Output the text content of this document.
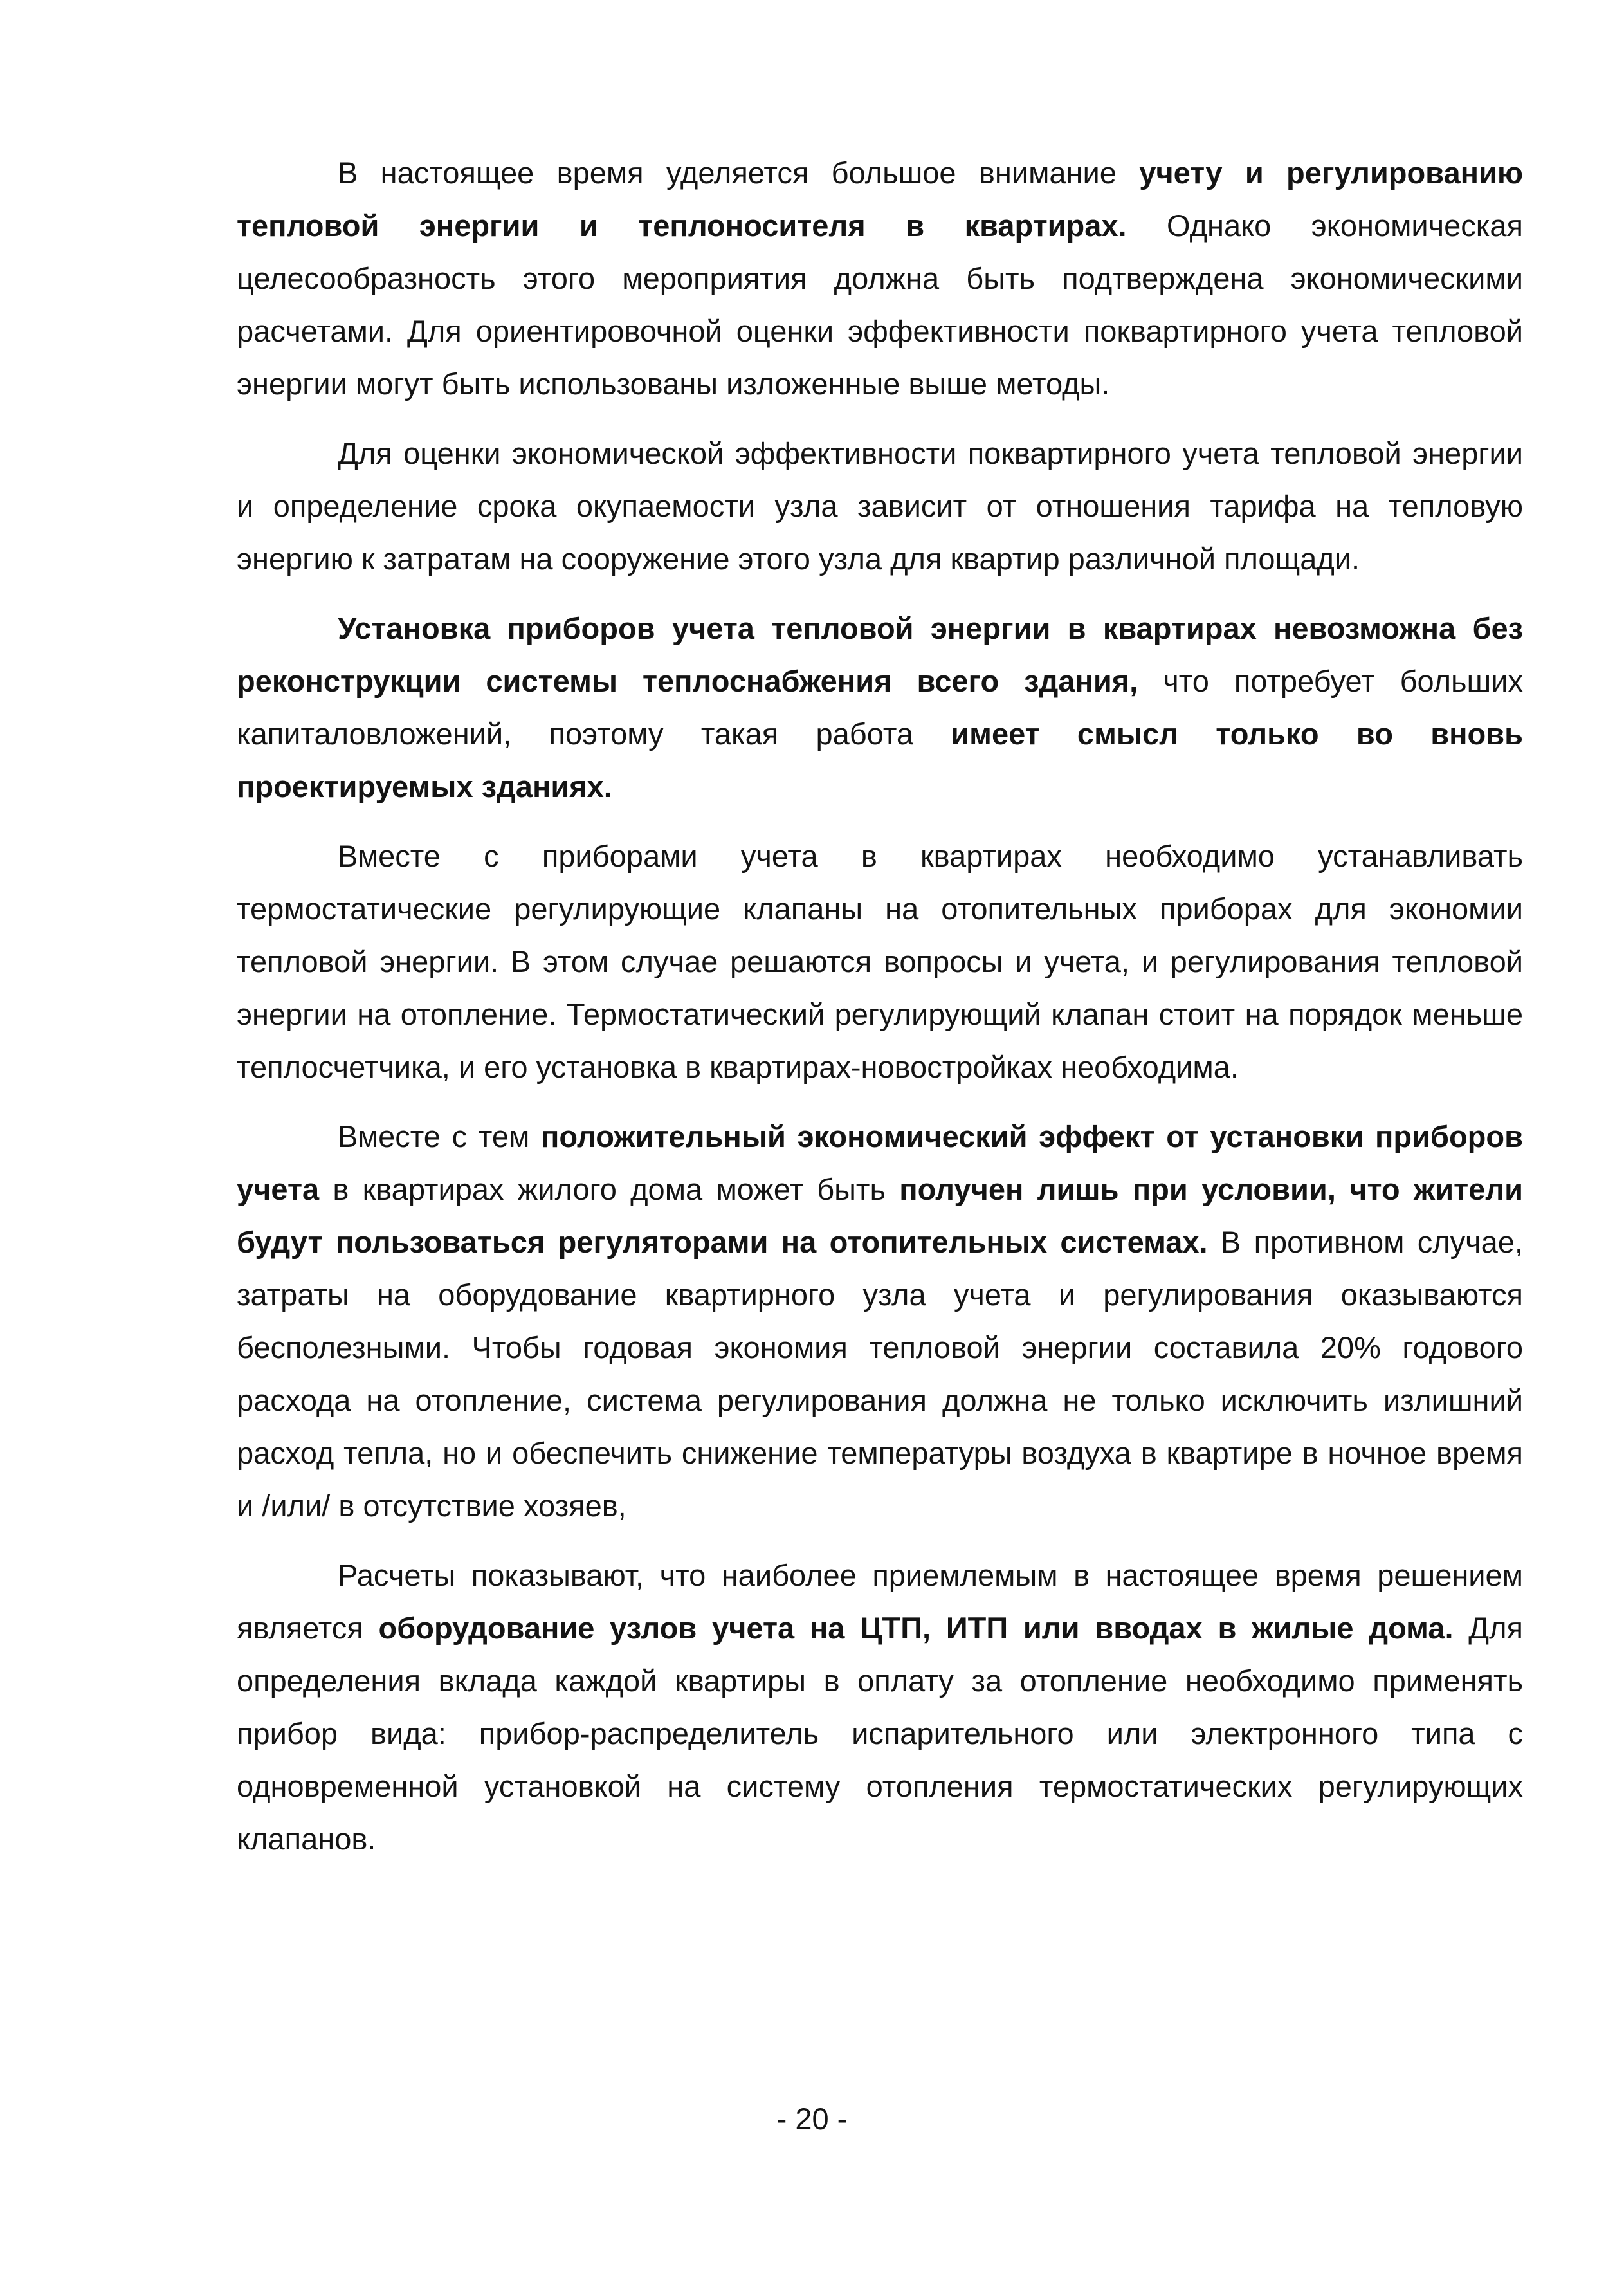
В настоящее время уделяется большое внимание учету и регулированию тепловой энергии и теплоносителя в квартирах. Однако экономическая целесообразность этого мероприятия должна быть подтверждена экономическими расчетами. Для ориентировочной оценки эффективности поквартирного учета тепловой энергии могут быть использованы изложенные выше методы.

Для оценки экономической эффективности поквартирного учета тепловой энергии и определение срока окупаемости узла зависит от отношения тарифа на тепловую энергию к затратам на сооружение этого узла для квартир различной площади.

Установка приборов учета тепловой энергии в квартирах невозможна без реконструкции системы теплоснабжения всего здания, что потребует больших капиталовложений, поэтому такая работа имеет смысл только во вновь проектируемых зданиях.

Вместе с приборами учета в квартирах необходимо устанавливать термостатические регулирующие клапаны на отопительных приборах для экономии тепловой энергии. В этом случае решаются вопросы и учета, и регулирования тепловой энергии на отопление. Термостатический регулирующий клапан стоит на порядок меньше теплосчетчика, и его установка в квартирах-новостройках необходима.

Вместе с тем положительный экономический эффект от установки приборов учета в квартирах жилого дома может быть получен лишь при условии, что жители будут пользоваться регуляторами на отопительных системах. В противном случае, затраты на оборудование квартирного узла учета и регулирования оказываются бесполезными. Чтобы годовая экономия тепловой энергии составила 20% годового расхода на отопление, система регулирования должна не только исключить излишний расход тепла, но и обеспечить снижение температуры воздуха в квартире в ночное время и /или/ в отсутствие хозяев,

Расчеты показывают, что наиболее приемлемым в настоящее время решением является оборудование узлов учета на ЦТП, ИТП или вводах в жилые дома. Для определения вклада каждой квартиры в оплату за отопление необходимо применять прибор вида: прибор-распределитель испарительного или электронного типа с одновременной установкой на систему отопления термостатических регулирующих клапанов.

- 20 -
